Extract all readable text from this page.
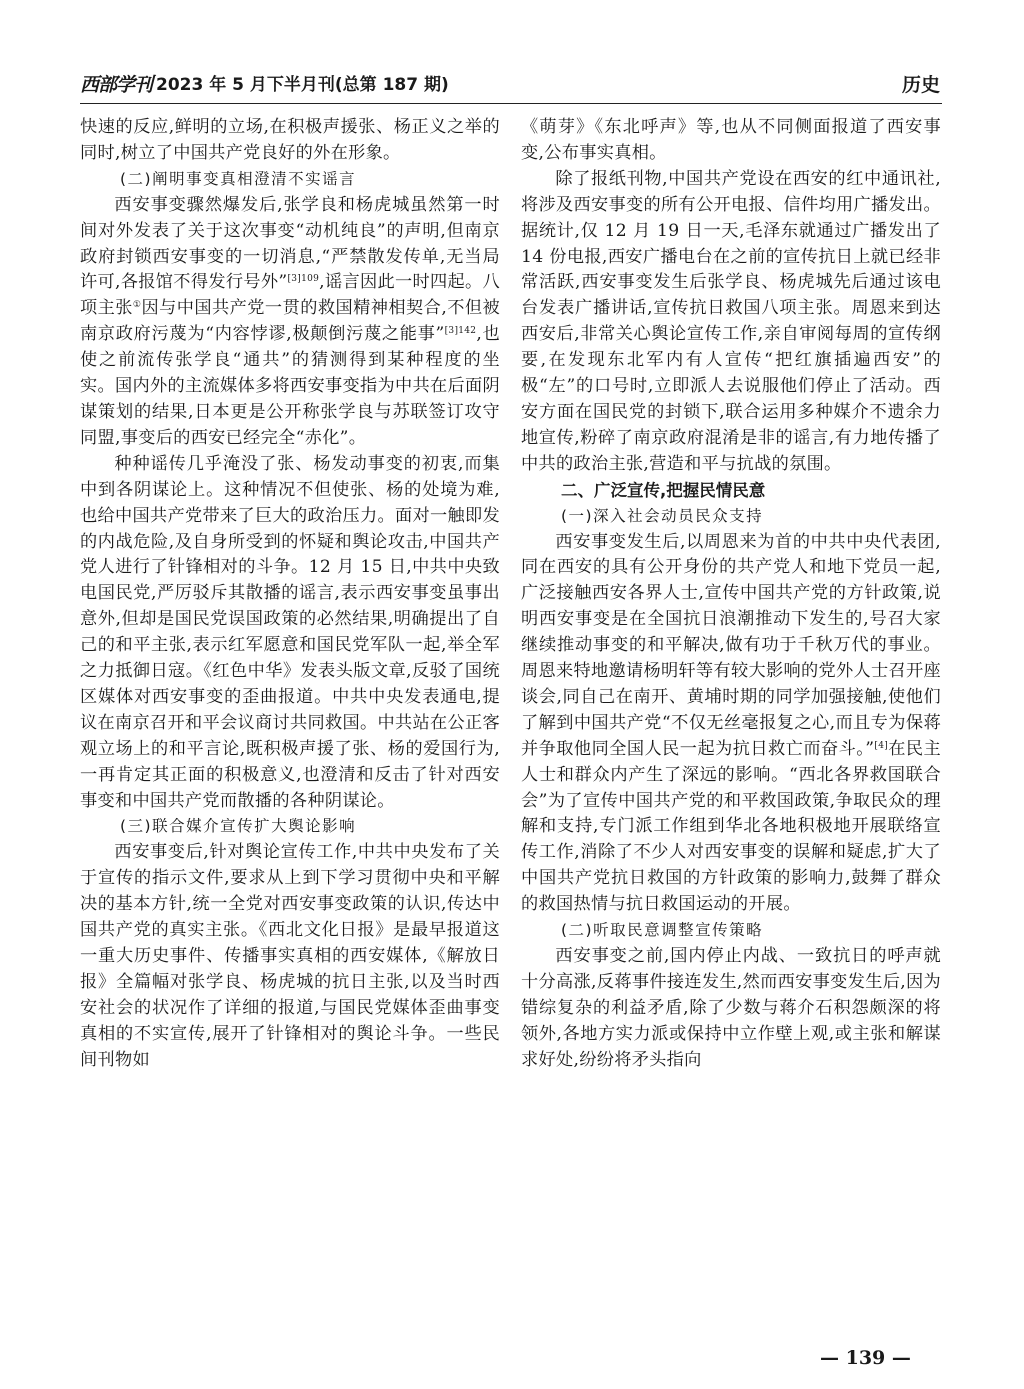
西部学刊 2023 年 5 月下半月刊(总第 187 期)	历史

快速的反应,鲜明的立场,在积极声援张、杨正义之举的同时,树立了中国共产党良好的外在形象。

(二)阐明事变真相澄清不实谣言

西安事变骤然爆发后,张学良和杨虎城虽然第一时间对外发表了关于这次事变“动机纯良”的声明,但南京政府封锁西安事变的一切消息,“严禁散发传单,无当局许可,各报馆不得发行号外”$^{[3]109}$,谣言因此一时四起。八项主张①因与中国共产党一贯的救国精神相契合,不但被南京政府污蔑为“内容悖谬,极颠倒污蔑之能事”$^{[3]142}$,也使之前流传张学良“通共”的猜测得到某种程度的坐实。国内外的主流媒体多将西安事变指为中共在后面阴谋策划的结果,日本更是公开称张学良与苏联签订攻守同盟,事变后的西安已经完全“赤化”。

种种谣传几乎淹没了张、杨发动事变的初衷,而集中到各阴谋论上。这种情况不但使张、杨的处境为难,也给中国共产党带来了巨大的政治压力。面对一触即发的内战危险,及自身所受到的怀疑和舆论攻击,中国共产党人进行了针锋相对的斗争。12 月 15 日,中共中央致电国民党,严厉驳斥其散播的谣言,表示西安事变虽事出意外,但却是国民党误国政策的必然结果,明确提出了自己的和平主张,表示红军愿意和国民党军队一起,举全军之力抵御日寇。《红色中华》发表头版文章,反驳了国统区媒体对西安事变的歪曲报道。中共中央发表通电,提议在南京召开和平会议商讨共同救国。中共站在公正客观立场上的和平言论,既积极声援了张、杨的爱国行为,一再肯定其正面的积极意义,也澄清和反击了针对西安事变和中国共产党而散播的各种阴谋论。

(三)联合媒介宣传扩大舆论影响

西安事变后,针对舆论宣传工作,中共中央发布了关于宣传的指示文件,要求从上到下学习贯彻中央和平解决的基本方针,统一全党对西安事变政策的认识,传达中国共产党的真实主张。《西北文化日报》是最早报道这一重大历史事件、传播事实真相的西安媒体,《解放日报》全篇幅对张学良、杨虎城的抗日主张,以及当时西安社会的状况作了详细的报道,与国民党媒体歪曲事变真相的不实宣传,展开了针锋相对的舆论斗争。一些民间刊物如

《萌芽》《东北呼声》等,也从不同侧面报道了西安事变,公布事实真相。

除了报纸刊物,中国共产党设在西安的红中通讯社,将涉及西安事变的所有公开电报、信件均用广播发出。据统计,仅 12 月 19 日一天,毛泽东就通过广播发出了 14 份电报,西安广播电台在之前的宣传抗日上就已经非常活跃,西安事变发生后张学良、杨虎城先后通过该电台发表广播讲话,宣传抗日救国八项主张。周恩来到达西安后,非常关心舆论宣传工作,亲自审阅每周的宣传纲要,在发现东北军内有人宣传“把红旗插遍西安”的极“左”的口号时,立即派人去说服他们停止了活动。西安方面在国民党的封锁下,联合运用多种媒介不遗余力地宣传,粉碎了南京政府混淆是非的谣言,有力地传播了中共的政治主张,营造和平与抗战的氛围。

二、广泛宣传,把握民情民意

(一)深入社会动员民众支持

西安事变发生后,以周恩来为首的中共中央代表团,同在西安的具有公开身份的共产党人和地下党员一起,广泛接触西安各界人士,宣传中国共产党的方针政策,说明西安事变是在全国抗日浪潮推动下发生的,号召大家继续推动事变的和平解决,做有功于千秋万代的事业。周恩来特地邀请杨明轩等有较大影响的党外人士召开座谈会,同自己在南开、黄埔时期的同学加强接触,使他们了解到中国共产党“不仅无丝毫报复之心,而且专为保蒋并争取他同全国人民一起为抗日救亡而奋斗。”[4]在民主人士和群众内产生了深远的影响。“西北各界救国联合会”为了宣传中国共产党的和平救国政策,争取民众的理解和支持,专门派工作组到华北各地积极地开展联络宣传工作,消除了不少人对西安事变的误解和疑虑,扩大了中国共产党抗日救国的方针政策的影响力,鼓舞了群众的救国热情与抗日救国运动的开展。

(二)听取民意调整宣传策略

西安事变之前,国内停止内战、一致抗日的呼声就十分高涨,反蒋事件接连发生,然而西安事变发生后,因为错综复杂的利益矛盾,除了少数与蒋介石积怨颇深的将领外,各地方实力派或保持中立作壁上观,或主张和解谋求好处,纷纷将矛头指向

— 139 —
